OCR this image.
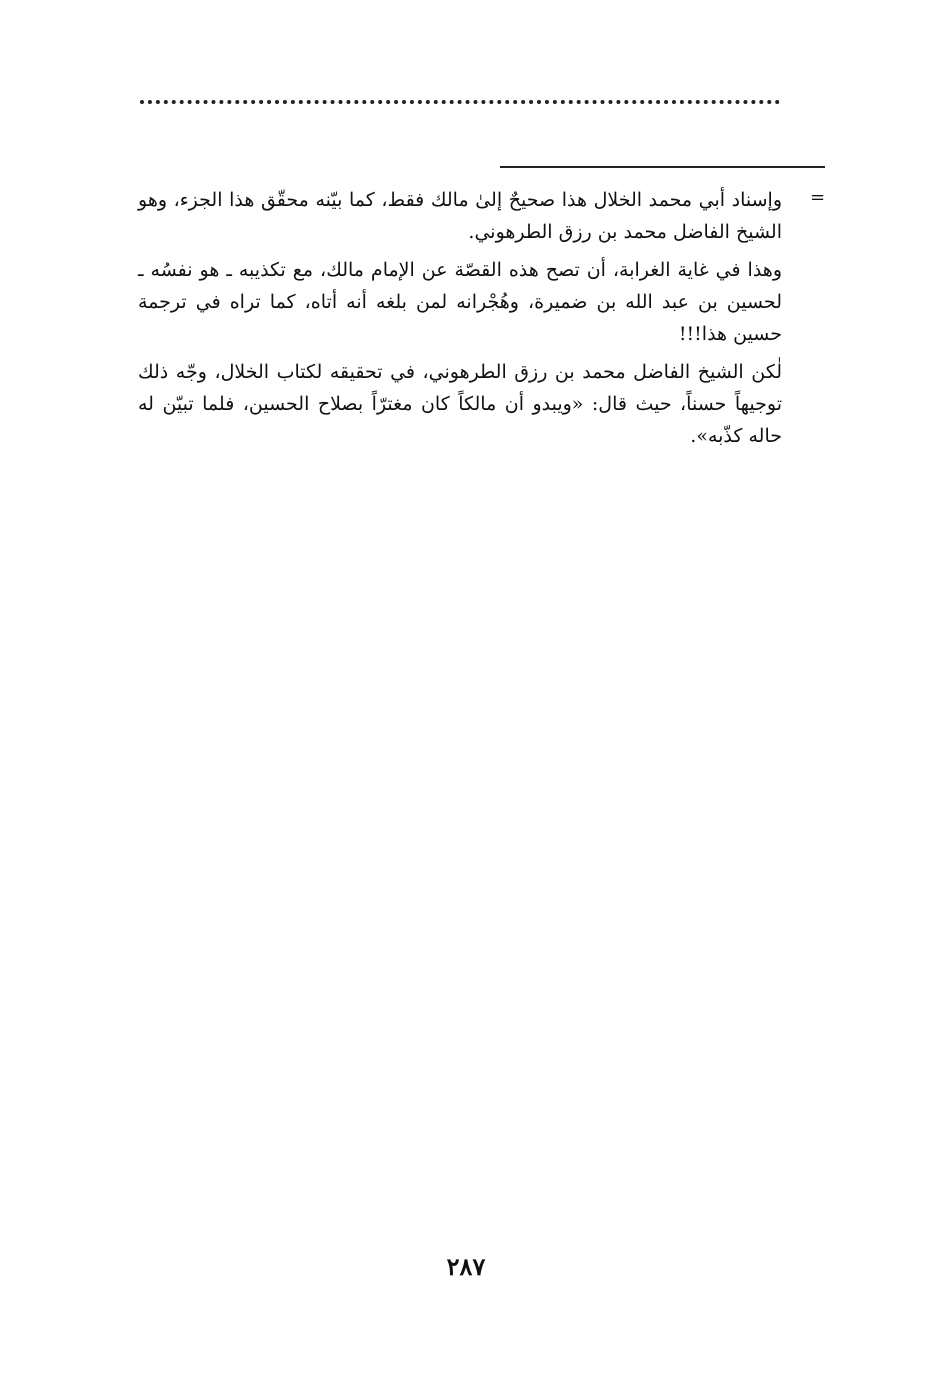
=

وإسناد أبي محمد الخلال هذا صحيحٌ إلىٰ مالك فقط، كما بيّنه محقّق هذا الجزء، وهو الشيخ الفاضل محمد بن رزق الطرهوني.

وهذا في غاية الغرابة، أن تصح هذه القصّة عن الإمام مالك، مع تكذيبه ـ هو نفسُه ـ لحسين بن عبد الله بن ضميرة، وهُجْرانه لمن بلغه أنه أتاه، كما تراه في ترجمة حسين هذا!!!

لٰكن الشيخ الفاضل محمد بن رزق الطرهوني، في تحقيقه لكتاب الخلال، وجّه ذلك توجيهاً حسناً، حيث قال: «ويبدو أن مالكاً كان مغترّاً بصلاح الحسين، فلما تبيّن له حاله كذّبه».

٢٨٧
